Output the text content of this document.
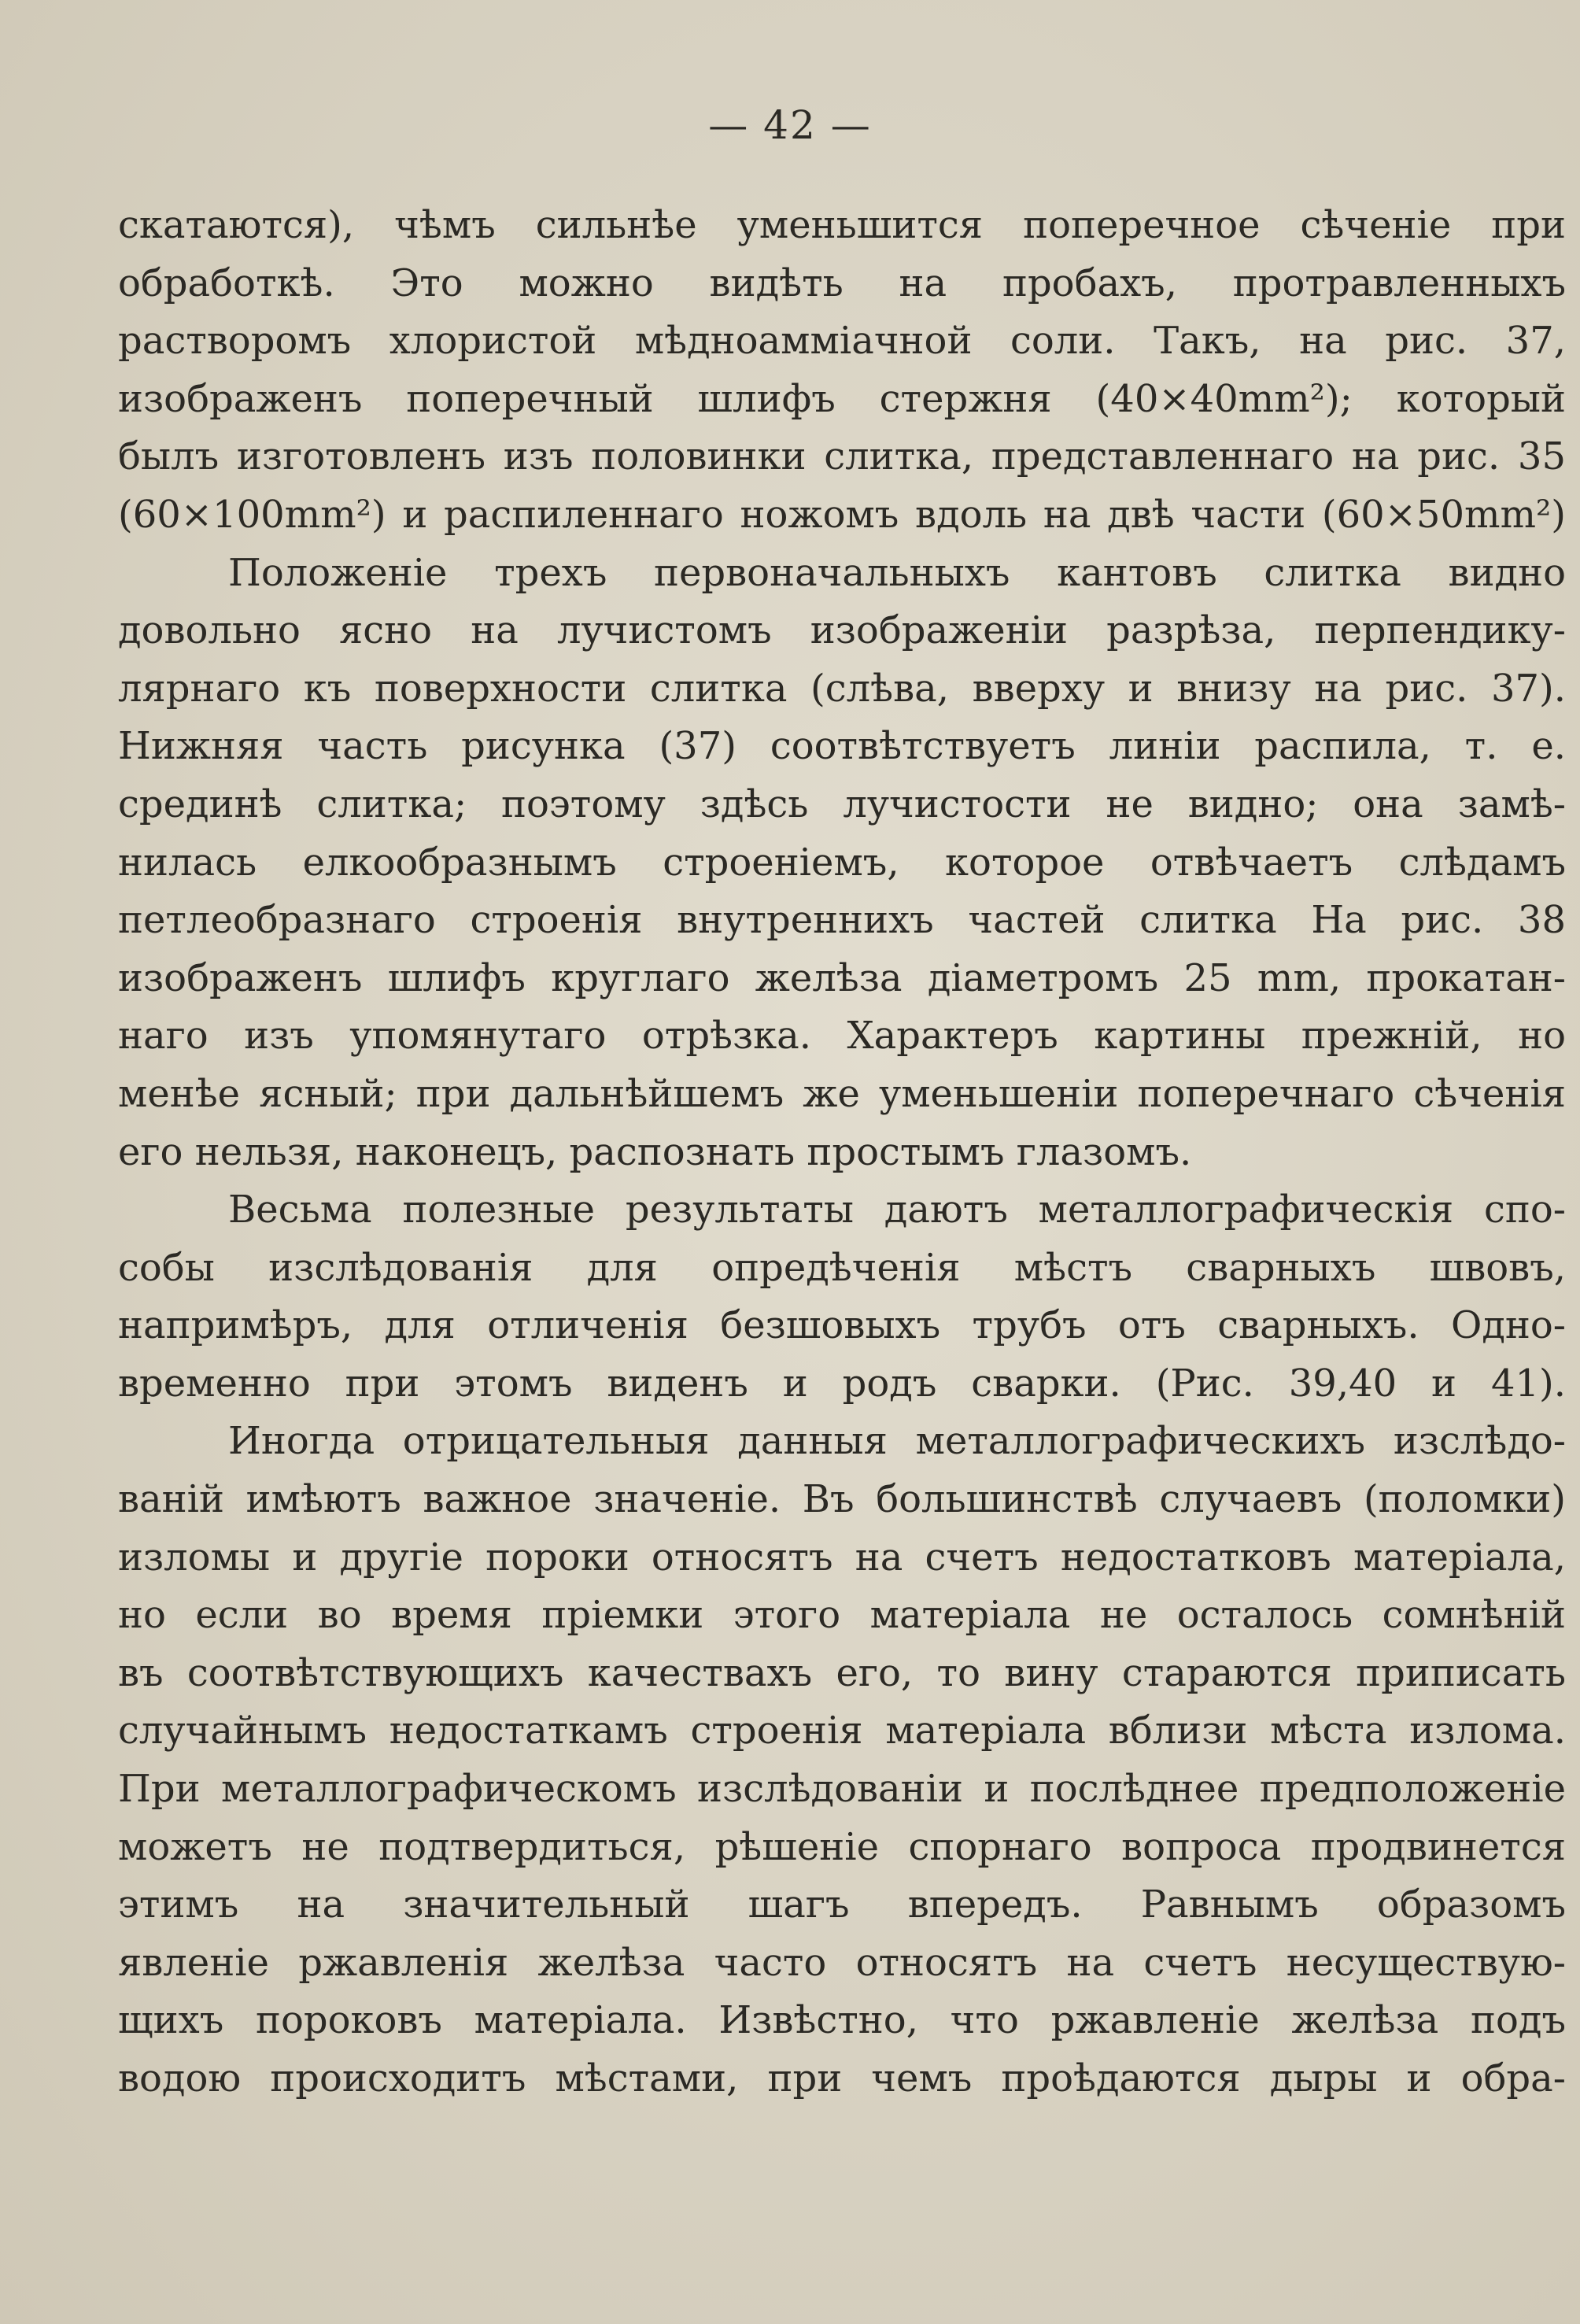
— 42 —
скатаются), чѣмъ сильнѣе уменьшится поперечное сѣченіе при
обработкѣ. Это можно видѣть на пробахъ, протравленныхъ
растворомъ хлористой мѣдноаммiачной соли. Такъ, на рис. 37,
изображенъ поперечный шлифъ стержня (40×40mm²); который
былъ изготовленъ изъ половинки слитка, представленнаго на рис. 35
(60×100mm²) и распиленнаго ножомъ вдоль на двѣ части (60×50mm²)
Положеніе трехъ первоначальныхъ кантовъ слитка видно
довольно ясно на лучистомъ изображеніи разрѣза, перпендику-
лярнаго къ поверхности слитка (слѣва, вверху и внизу на рис. 37).
Нижняя часть рисунка (37) соотвѣтствуетъ линіи распила, т. е.
срединѣ слитка; поэтому здѣсь лучистости не видно; она замѣ-
нилась елкообразнымъ строеніемъ, которое отвѣчаетъ слѣдамъ
петлеобразнаго строенія внутреннихъ частей слитка На рис. 38
изображенъ шлифъ круглаго желѣза діаметромъ 25 mm, прокатан-
наго изъ упомянутаго отрѣзка. Характеръ картины прежній, но
менѣе ясный; при дальнѣйшемъ же уменьшеніи поперечнаго сѣченія
его нельзя, наконецъ, распознать простымъ глазомъ.
Весьма полезные результаты даютъ металлографическія спо-
собы изслѣдованія для опредѣченія мѣстъ сварныхъ швовъ,
напримѣръ, для отличенія безшовыхъ трубъ отъ сварныхъ. Одно-
временно при этомъ виденъ и родъ сварки. (Рис. 39,40 и 41).
Иногда отрицательныя данныя металлографическихъ изслѣдо-
ваній имѣютъ важное значеніе. Въ большинствѣ случаевъ (поломки)
изломы и другіе пороки относятъ на счетъ недостатковъ матеріала,
но если во время пріемки этого матеріала не осталось сомнѣній
въ соотвѣтствующихъ качествахъ его, то вину стараются приписать
случайнымъ недостаткамъ строенія матеріала вблизи мѣста излома.
При металлографическомъ изслѣдованіи и послѣднее предположеніе
можетъ не подтвердиться, рѣшеніе спорнаго вопроса продвинется
этимъ на значительный шагъ впередъ. Равнымъ образомъ
явленіе ржавленія желѣза часто относятъ на счетъ несуществую-
щихъ пороковъ матеріала. Извѣстно, что ржавленіе желѣза подъ
водою происходитъ мѣстами, при чемъ проѣдаются дыры и обра-
